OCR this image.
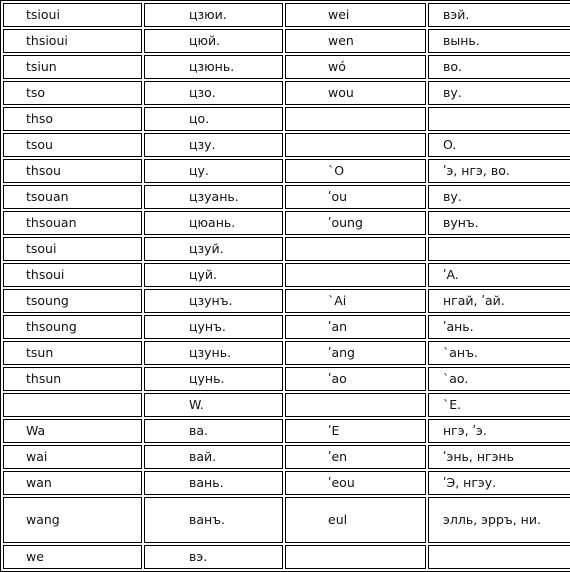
tsioui	цзюи.	wei	вэй.
thsioui	цюй.	wen	вынь.
tsiun	цзюнь.	wó	во.
tso	цзо.	wou	ву.
thso	цо.		
tsou	цзу.		O.
thsou	цу.	`O	ʹэ, нгэ, во.
tsouan	цзуань.	ʹou	ву.
thsouan	цюань.	ʹoung	вунъ.
tsoui	цзуй.		
thsoui	цуй.		ʹA.
tsoung	цзунъ.	`Ai	нгай, ʹай.
thsoung	цунъ.	ʹan	ʹань.
tsun	цзунь.	ʹang	`анъ.
thsun	цунь.	ʹao	`ao.
	W.		`E.
Wa	ва.	ʹE	нгэ, ʹэ.
wai	вай.	ʹen	ʹэнь, нгэнь
wan	вань.	ʹeou	ʹЭ, нгэу.
wang	ванъ.	eul	элль, эрръ, ни.
we	вэ.		
